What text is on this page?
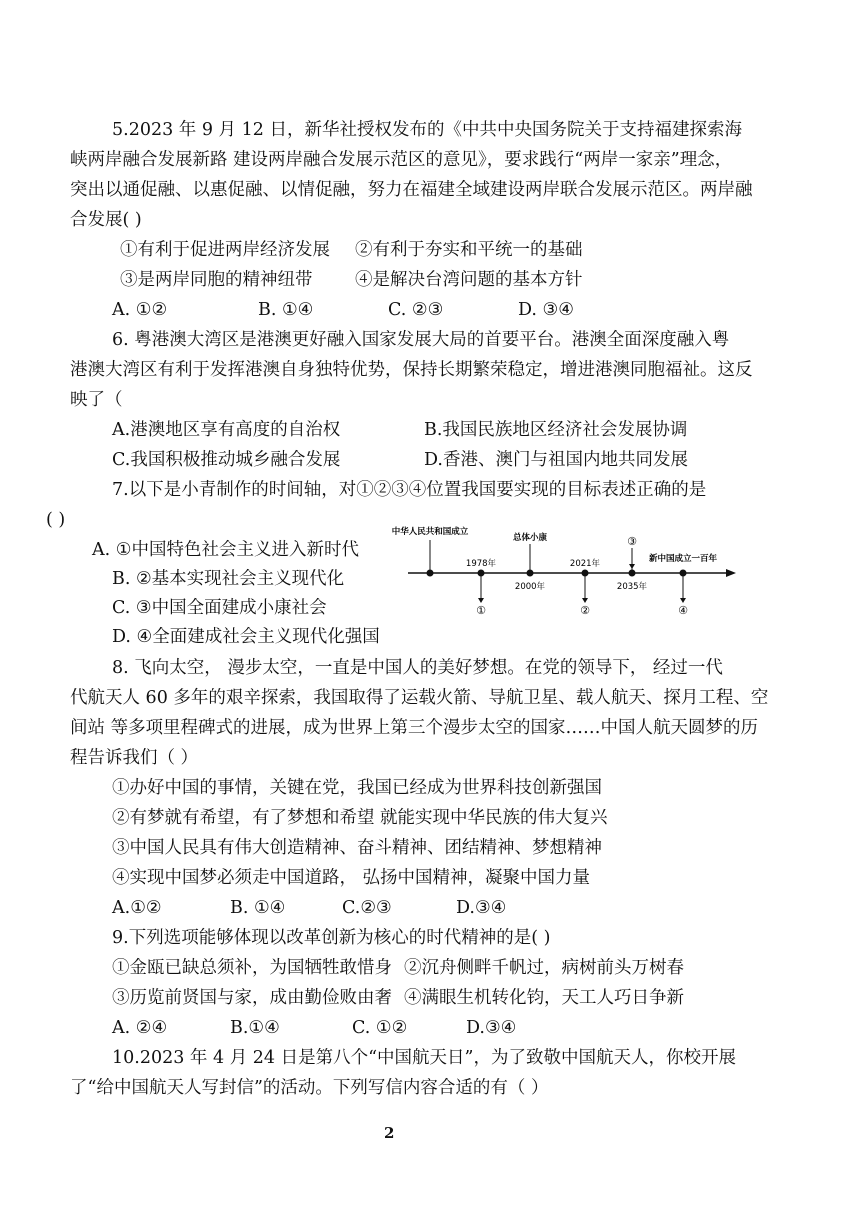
5.2023 年 9 月 12 日，新华社授权发布的《中共中央国务院关于支持福建探索海
峡两岸融合发展新路 建设两岸融合发展示范区的意见》，要求践行“两岸一家亲”理念，
突出以通促融、以惠促融、以情促融，努力在福建全域建设两岸联合发展示范区。两岸融
合发展( )
①有利于促进两岸经济发展 ②有利于夯实和平统一的基础
③是两岸同胞的精神纽带 ④是解决台湾问题的基本方针
A. ①②	B. ①④	C. ②③	D. ③④
6. 粤港澳大湾区是港澳更好融入国家发展大局的首要平台。港澳全面深度融入粤
港澳大湾区有利于发挥港澳自身独特优势，保持长期繁荣稳定，增进港澳同胞福祉。这反
映了（
A.港澳地区享有高度的自治权	B.我国民族地区经济社会发展协调
C.我国积极推动城乡融合发展	D.香港、澳门与祖国内地共同发展
7.以下是小青制作的时间轴，对①②③④位置我国要实现的目标表述正确的是
( )
A. ①中国特色社会主义进入新时代
B. ②基本实现社会主义现代化
C. ③中国全面建成小康社会
D. ④全面建成社会主义现代化强国
中华人民共和国成立
总体小康
新中国成立一百年
1978年
2000年
2021年
2035年
①	②
③
④
8. 飞向太空， 漫步太空，一直是中国人的美好梦想。在党的领导下， 经过一代
代航天人 60 多年的艰辛探索，我国取得了运载火箭、导航卫星、载人航天、探月工程、空
间站 等多项里程碑式的进展，成为世界上第三个漫步太空的国家……中国人航天圆梦的历
程告诉我们（ ）
①办好中国的事情，关键在党，我国已经成为世界科技创新强国
②有梦就有希望，有了梦想和希望 就能实现中华民族的伟大复兴
③中国人民具有伟大创造精神、奋斗精神、团结精神、梦想精神
④实现中国梦必须走中国道路， 弘扬中国精神，凝聚中国力量
A.①②	B. ①④	C.②③	D.③④
9.下列选项能够体现以改革创新为核心的时代精神的是( )
①金瓯已缺总须补，为国牺牲敢惜身 ②沉舟侧畔千帆过，病树前头万树春
③历览前贤国与家，成由勤俭败由奢 ④满眼生机转化钧，天工人巧日争新
A. ②④	B.①④	C. ①②	D.③④
10.2023 年 4 月 24 日是第八个“中国航天日”，为了致敬中国航天人，你校开展
了“给中国航天人写封信”的活动。下列写信内容合适的有（ ）
2
